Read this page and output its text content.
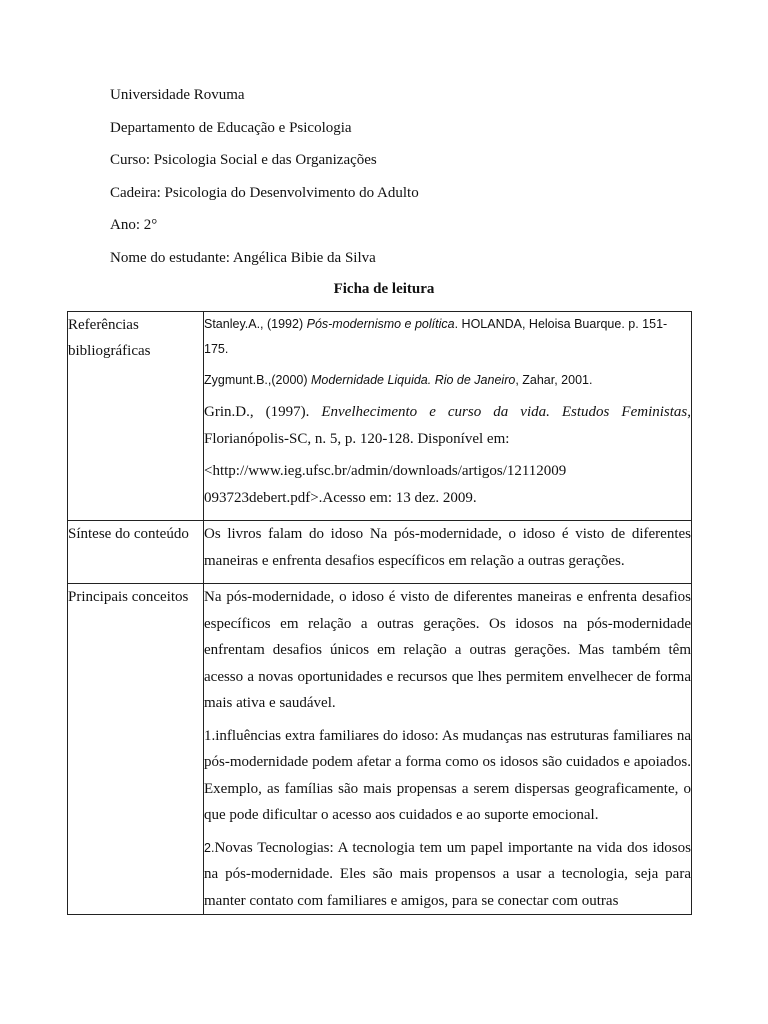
Universidade Rovuma
Departamento de Educação e Psicologia
Curso: Psicologia Social e das Organizações
Cadeira: Psicologia do Desenvolvimento do Adulto
Ano: 2°
Nome do estudante: Angélica Bibie da Silva
Ficha de leitura
Referências bibliográficas	Stanley.A., (1992) Pós-modernismo e política. HOLANDA, Heloisa Buarque. p. 151-175.

Zygmunt.B.,(2000) Modernidade Liquida. Rio de Janeiro, Zahar, 2001.

Grin.D., (1997). Envelhecimento e curso da vida. Estudos Feministas, Florianópolis-SC, n. 5, p. 120-128. Disponível em:

<http://www.ieg.ufsc.br/admin/downloads/artigos/12112009
093723debert.pdf>.Acesso em: 13 dez. 2009.

Síntese do conteúdo	Os livros falam do idoso Na pós-modernidade, o idoso é visto de diferentes maneiras e enfrenta desafios específicos em relação a outras gerações.

Principais conceitos	Na pós-modernidade, o idoso é visto de diferentes maneiras e enfrenta desafios específicos em relação a outras gerações. Os idosos na pós-modernidade enfrentam desafios únicos em relação a outras gerações. Mas também têm acesso a novas oportunidades e recursos que lhes permitem envelhecer de forma mais ativa e saudável.

1.influências extra familiares do idoso: As mudanças nas estruturas familiares na pós-modernidade podem afetar a forma como os idosos são cuidados e apoiados. Exemplo, as famílias são mais propensas a serem dispersas geograficamente, o que pode dificultar o acesso aos cuidados e ao suporte emocional.

2.Novas Tecnologias: A tecnologia tem um papel importante na vida dos idosos na pós-modernidade. Eles são mais propensos a usar a tecnologia, seja para manter contato com familiares e amigos, para se conectar com outras
